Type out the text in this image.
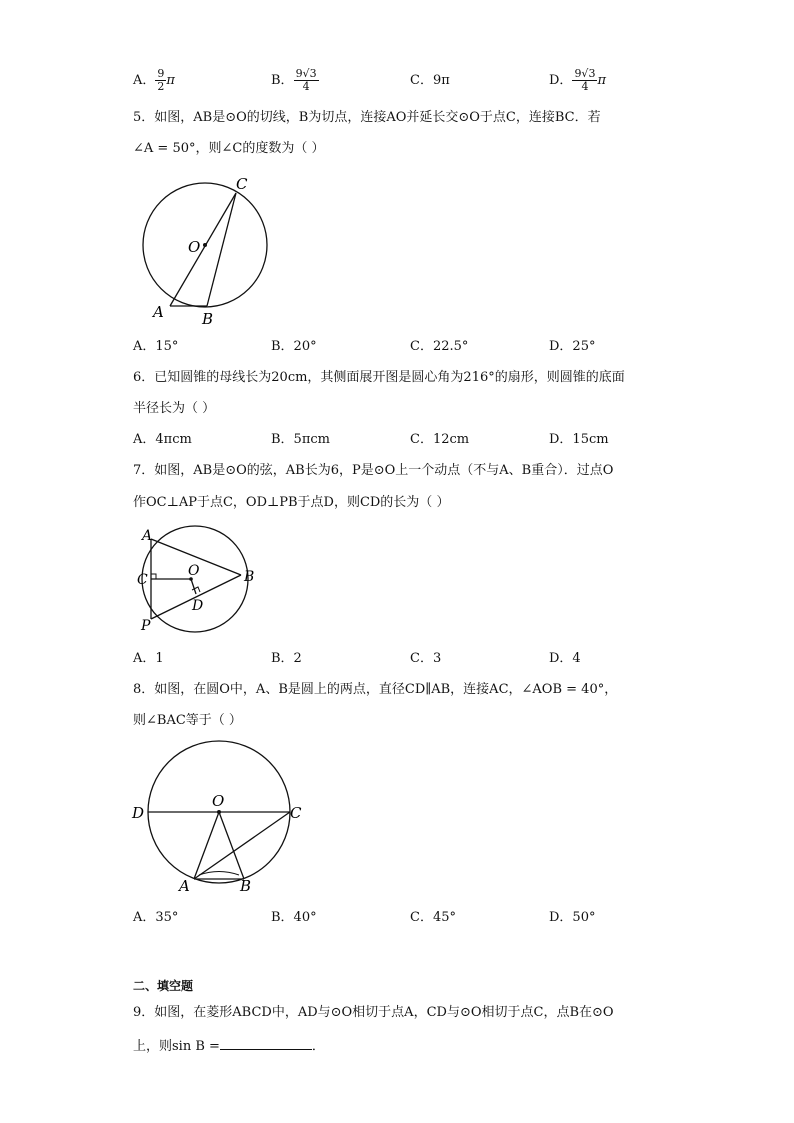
A． $\frac{9}{2}$ π	B． $\frac{9√3}{4}$	C．9π	D． $\frac{9√3}{4}$ π
5．如图，AB是⊙O的切线，B为切点，连接AO并延长交⊙O于点C，连接BC．若
∠A = 50°，则∠C的度数为（ ）
C
O
A	B
A．15°	B．20°	C．22.5°	D．25°
6．已知圆锥的母线长为20cm，其侧面展开图是圆心角为216°的扇形，则圆锥的底面
半径长为（ ）
A．4πcm	B．5πcm	C．12cm	D．15cm
7．如图，AB是⊙O的弦，AB长为6，P是⊙O上一个动点（不与A、B重合）．过点O
作OC⊥AP于点C，OD⊥PB于点D，则CD的长为（ ）
A
B
C
O
D
P
A．1	B．2	C．3	D．4
8．如图，在圆O中，A、B是圆上的两点，直径CD∥AB，连接AC，∠AOB = 40°，
则∠BAC等于（ ）
D
O
C
A	B
A．35°	B．40°	C．45°	D．50°
二、填空题
9．如图，在菱形ABCD中，AD与⊙O相切于点A，CD与⊙O相切于点C，点B在⊙O
上，则sin B =	．
